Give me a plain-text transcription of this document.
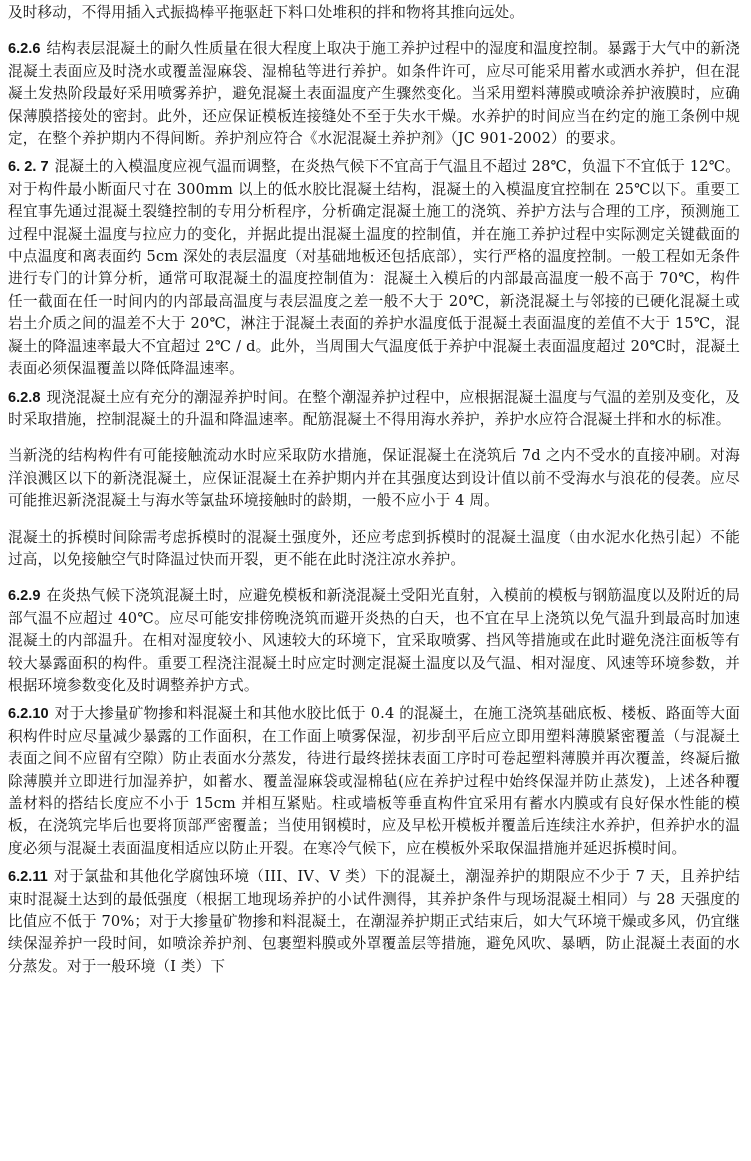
及时移动，不得用插入式振捣棒平拖驱赶下料口处堆积的拌和物将其推向远处。

6.2.6 结构表层混凝土的耐久性质量在很大程度上取决于施工养护过程中的湿度和温度控制。暴露于大气中的新浇混凝土表面应及时浇水或覆盖湿麻袋、湿棉毡等进行养护。如条件许可，应尽可能采用蓄水或洒水养护，但在混凝土发热阶段最好采用喷雾养护，避免混凝土表面温度产生骤然变化。当采用塑料薄膜或喷涂养护液膜时，应确保薄膜搭接处的密封。此外，还应保证模板连接缝处不至于失水干燥。水养护的时间应当在约定的施工条例中规定，在整个养护期内不得间断。养护剂应符合《水泥混凝土养护剂》（JC 901-2002）的要求。

6. 2. 7 混凝土的入模温度应视气温而调整，在炎热气候下不宜高于气温且不超过 28℃，负温下不宜低于 12℃。对于构件最小断面尺寸在 300mm 以上的低水胶比混凝土结构，混凝土的入模温度宜控制在 25℃以下。重要工程宜事先通过混凝土裂缝控制的专用分析程序，分析确定混凝土施工的浇筑、养护方法与合理的工序，预测施工过程中混凝土温度与拉应力的变化，并据此提出混凝土温度的控制值，并在施工养护过程中实际测定关键截面的中点温度和离表面约 5cm 深处的表层温度（对基础地板还包括底部），实行严格的温度控制。一般工程如无条件进行专门的计算分析，通常可取混凝土的温度控制值为：混凝土入模后的内部最高温度一般不高于 70℃，构件任一截面在任一时间内的内部最高温度与表层温度之差一般不大于 20℃，新浇混凝土与邻接的已硬化混凝土或岩土介质之间的温差不大于 20℃，淋注于混凝土表面的养护水温度低于混凝土表面温度的差值不大于 15℃，混凝土的降温速率最大不宜超过 2℃ / d。此外，当周围大气温度低于养护中混凝土表面温度超过 20℃时，混凝土表面必须保温覆盖以降低降温速率。

6.2.8 现浇混凝土应有充分的潮湿养护时间。在整个潮湿养护过程中，应根据混凝土温度与气温的差别及变化，及时采取措施，控制混凝土的升温和降温速率。配筋混凝土不得用海水养护，养护水应符合混凝土拌和水的标准。

当新浇的结构构件有可能接触流动水时应采取防水措施，保证混凝土在浇筑后 7d 之内不受水的直接冲刷。对海洋浪溅区以下的新浇混凝土，应保证混凝土在养护期内并在其强度达到设计值以前不受海水与浪花的侵袭。应尽可能推迟新浇混凝土与海水等氯盐环境接触时的龄期，一般不应小于 4 周。

混凝土的拆模时间除需考虑拆模时的混凝土强度外，还应考虑到拆模时的混凝土温度（由水泥水化热引起）不能过高，以免接触空气时降温过快而开裂，更不能在此时浇注凉水养护。

6.2.9 在炎热气候下浇筑混凝土时，应避免模板和新浇混凝土受阳光直射，入模前的模板与钢筋温度以及附近的局部气温不应超过 40℃。应尽可能安排傍晚浇筑而避开炎热的白天，也不宜在早上浇筑以免气温升到最高时加速混凝土的内部温升。在相对湿度较小、风速较大的环境下，宜采取喷雾、挡风等措施或在此时避免浇注面板等有较大暴露面积的构件。重要工程浇注混凝土时应定时测定混凝土温度以及气温、相对湿度、风速等环境参数，并根据环境参数变化及时调整养护方式。

6.2.10 对于大掺量矿物掺和料混凝土和其他水胶比低于 0.4 的混凝土，在施工浇筑基础底板、楼板、路面等大面积构件时应尽量减少暴露的工作面积，在工作面上喷雾保湿，初步刮平后应立即用塑料薄膜紧密覆盖（与混凝土表面之间不应留有空隙）防止表面水分蒸发，待进行最终搓抹表面工序时可卷起塑料薄膜并再次覆盖，终凝后撤除薄膜并立即进行加湿养护，如蓄水、覆盖湿麻袋或湿棉毡(应在养护过程中始终保湿并防止蒸发)，上述各种覆盖材料的搭结长度应不小于 15cm 并相互紧贴。柱或墙板等垂直构件宜采用有蓄水内膜或有良好保水性能的模板，在浇筑完毕后也要将顶部严密覆盖；当使用钢模时，应及早松开模板并覆盖后连续注水养护，但养护水的温度必须与混凝土表面温度相适应以防止开裂。在寒冷气候下，应在模板外采取保温措施并延迟拆模时间。

6.2.11 对于氯盐和其他化学腐蚀环境（III、IV、V 类）下的混凝土，潮湿养护的期限应不少于 7 天，且养护结束时混凝土达到的最低强度（根据工地现场养护的小试件测得，其养护条件与现场混凝土相同）与 28 天强度的比值应不低于 70%；对于大掺量矿物掺和料混凝土，在潮湿养护期正式结束后，如大气环境干燥或多风，仍宜继续保湿养护一段时间，如喷涂养护剂、包裹塑料膜或外罩覆盖层等措施，避免风吹、暴晒，防止混凝土表面的水分蒸发。对于一般环境（I 类）下
